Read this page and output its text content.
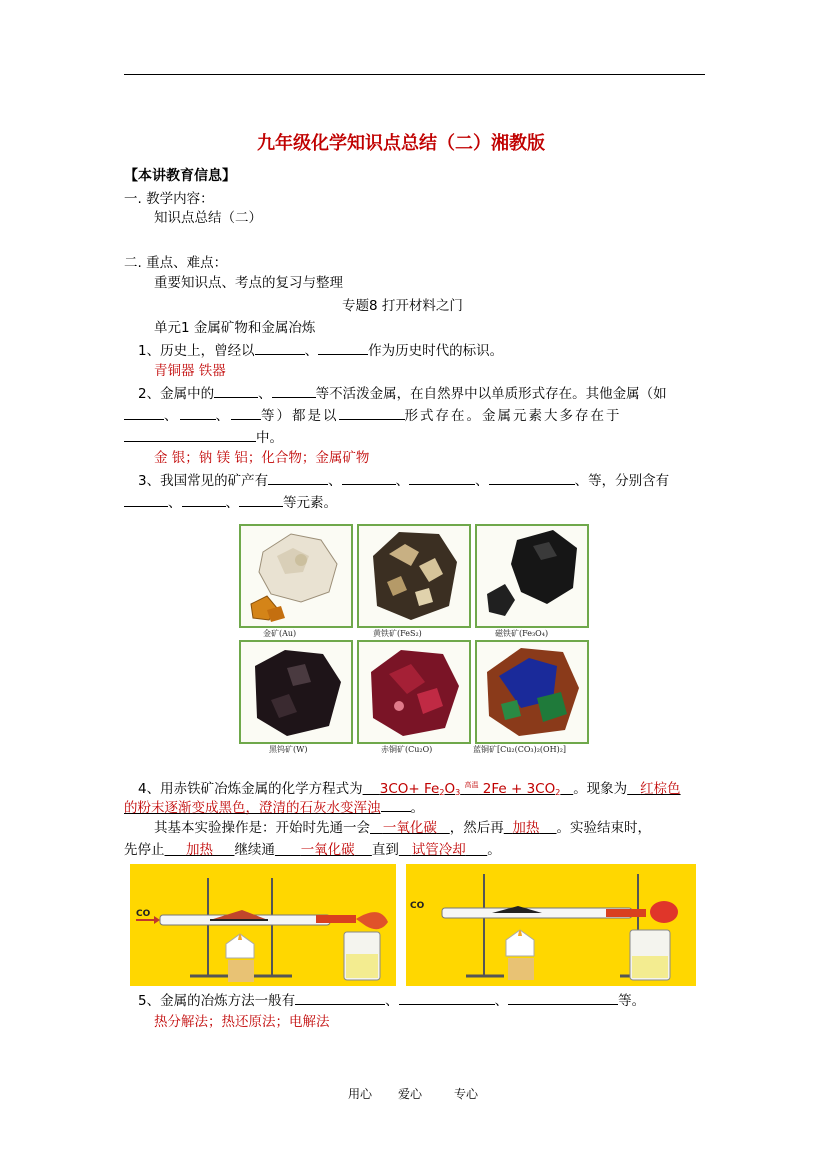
九年级化学知识点总结（二）湘教版
【本讲教育信息】
一. 教学内容：
知识点总结（二）
二. 重点、难点：
重要知识点、考点的复习与整理
专题8 打开材料之门
单元1 金属矿物和金属冶炼
1、历史上，曾经以	、	作为历史时代的标识。
青铜器 铁器
2、金属中的	、	等不活泼金属，在自然界中以单质形式存在。其他金属（如
、	、 等）都是以	形式存在。金属元素大多存在于
中。
金 银；钠 镁 铝；化合物；金属矿物
3、我国常见的矿产有	、	、	、	、等，分别含有
、	、	等元素。
金矿(Au)	黄铁矿(FeS₂)	磁铁矿(Fe₃O₄)
黑钨矿(W)	赤铜矿(Cu₂O)	蓝铜矿[Cu₂(CO₃)₂(OH)₂]
4、用赤铁矿冶炼金属的化学方程式为 $3CO+ Fe_2O_3$ $^{高温}$ $2Fe + 3CO_2$ 。现象为 红棕色
的粉末逐渐变成黑色，澄清的石灰水变浑浊 。
其基本实验操作是：开始时先通一会 一氧化碳 ，然后再 加热 。实验结束时，
先停止 加热 继续通 一氧化碳 直到 试管冷却 。
CO
CO
5、金属的冶炼方法一般有	、	、	等。
热分解法；热还原法；电解法
用心 爱心	专心
